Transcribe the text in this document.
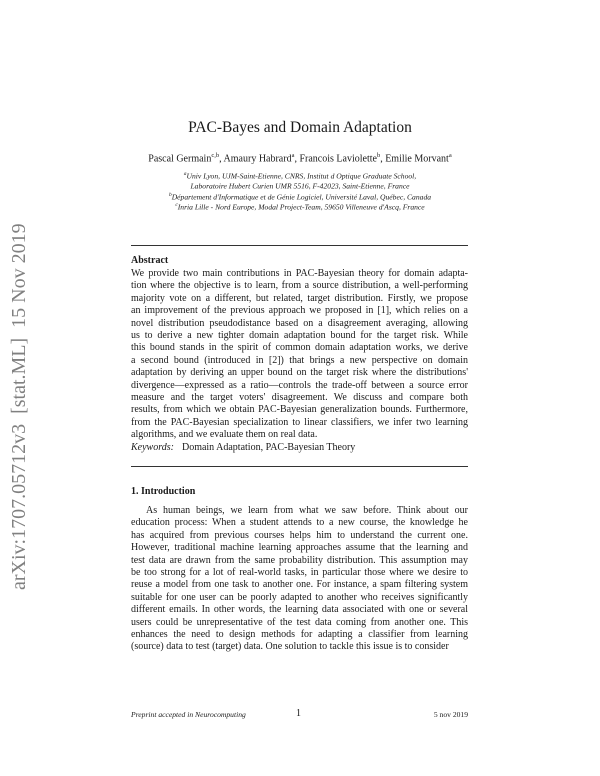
arXiv:1707.05712v3  [stat.ML]  15 Nov 2019
PAC-Bayes and Domain Adaptation
Pascal Germain$^{c,b}$, Amaury Habrard$^a$, Francois Laviolette$^b$, Emilie Morvant$^a$
$^a$Univ Lyon, UJM-Saint-Etienne, CNRS, Institut d Optique Graduate School,
Laboratoire Hubert Curien UMR 5516, F-42023, Saint-Etienne, France
$^b$Département d'Informatique et de Génie Logiciel, Université Laval, Québec, Canada
$^c$Inria Lille - Nord Europe, Modal Project-Team, 59650 Villeneuve d'Ascq, France
Abstract
We provide two main contributions in PAC-Bayesian theory for domain adapta-
tion where the objective is to learn, from a source distribution, a well-performing
majority vote on a different, but related, target distribution. Firstly, we propose
an improvement of the previous approach we proposed in [1], which relies on a
novel distribution pseudodistance based on a disagreement averaging, allowing
us to derive a new tighter domain adaptation bound for the target risk. While
this bound stands in the spirit of common domain adaptation works, we derive
a second bound (introduced in [2]) that brings a new perspective on domain
adaptation by deriving an upper bound on the target risk where the distributions'
divergence—expressed as a ratio—controls the trade-off between a source error
measure and the target voters' disagreement. We discuss and compare both
results, from which we obtain PAC-Bayesian generalization bounds. Furthermore,
from the PAC-Bayesian specialization to linear classifiers, we infer two learning
algorithms, and we evaluate them on real data.
Keywords: Domain Adaptation, PAC-Bayesian Theory
1. Introduction
As human beings, we learn from what we saw before. Think about our
education process: When a student attends to a new course, the knowledge he
has acquired from previous courses helps him to understand the current one.
However, traditional machine learning approaches assume that the learning and
test data are drawn from the same probability distribution. This assumption may
be too strong for a lot of real-world tasks, in particular those where we desire to
reuse a model from one task to another one. For instance, a spam filtering system
suitable for one user can be poorly adapted to another who receives significantly
different emails. In other words, the learning data associated with one or several
users could be unrepresentative of the test data coming from another one. This
enhances the need to design methods for adapting a classifier from learning
(source) data to test (target) data. One solution to tackle this issue is to consider
Preprint accepted in Neurocomputing	1	5 nov 2019
